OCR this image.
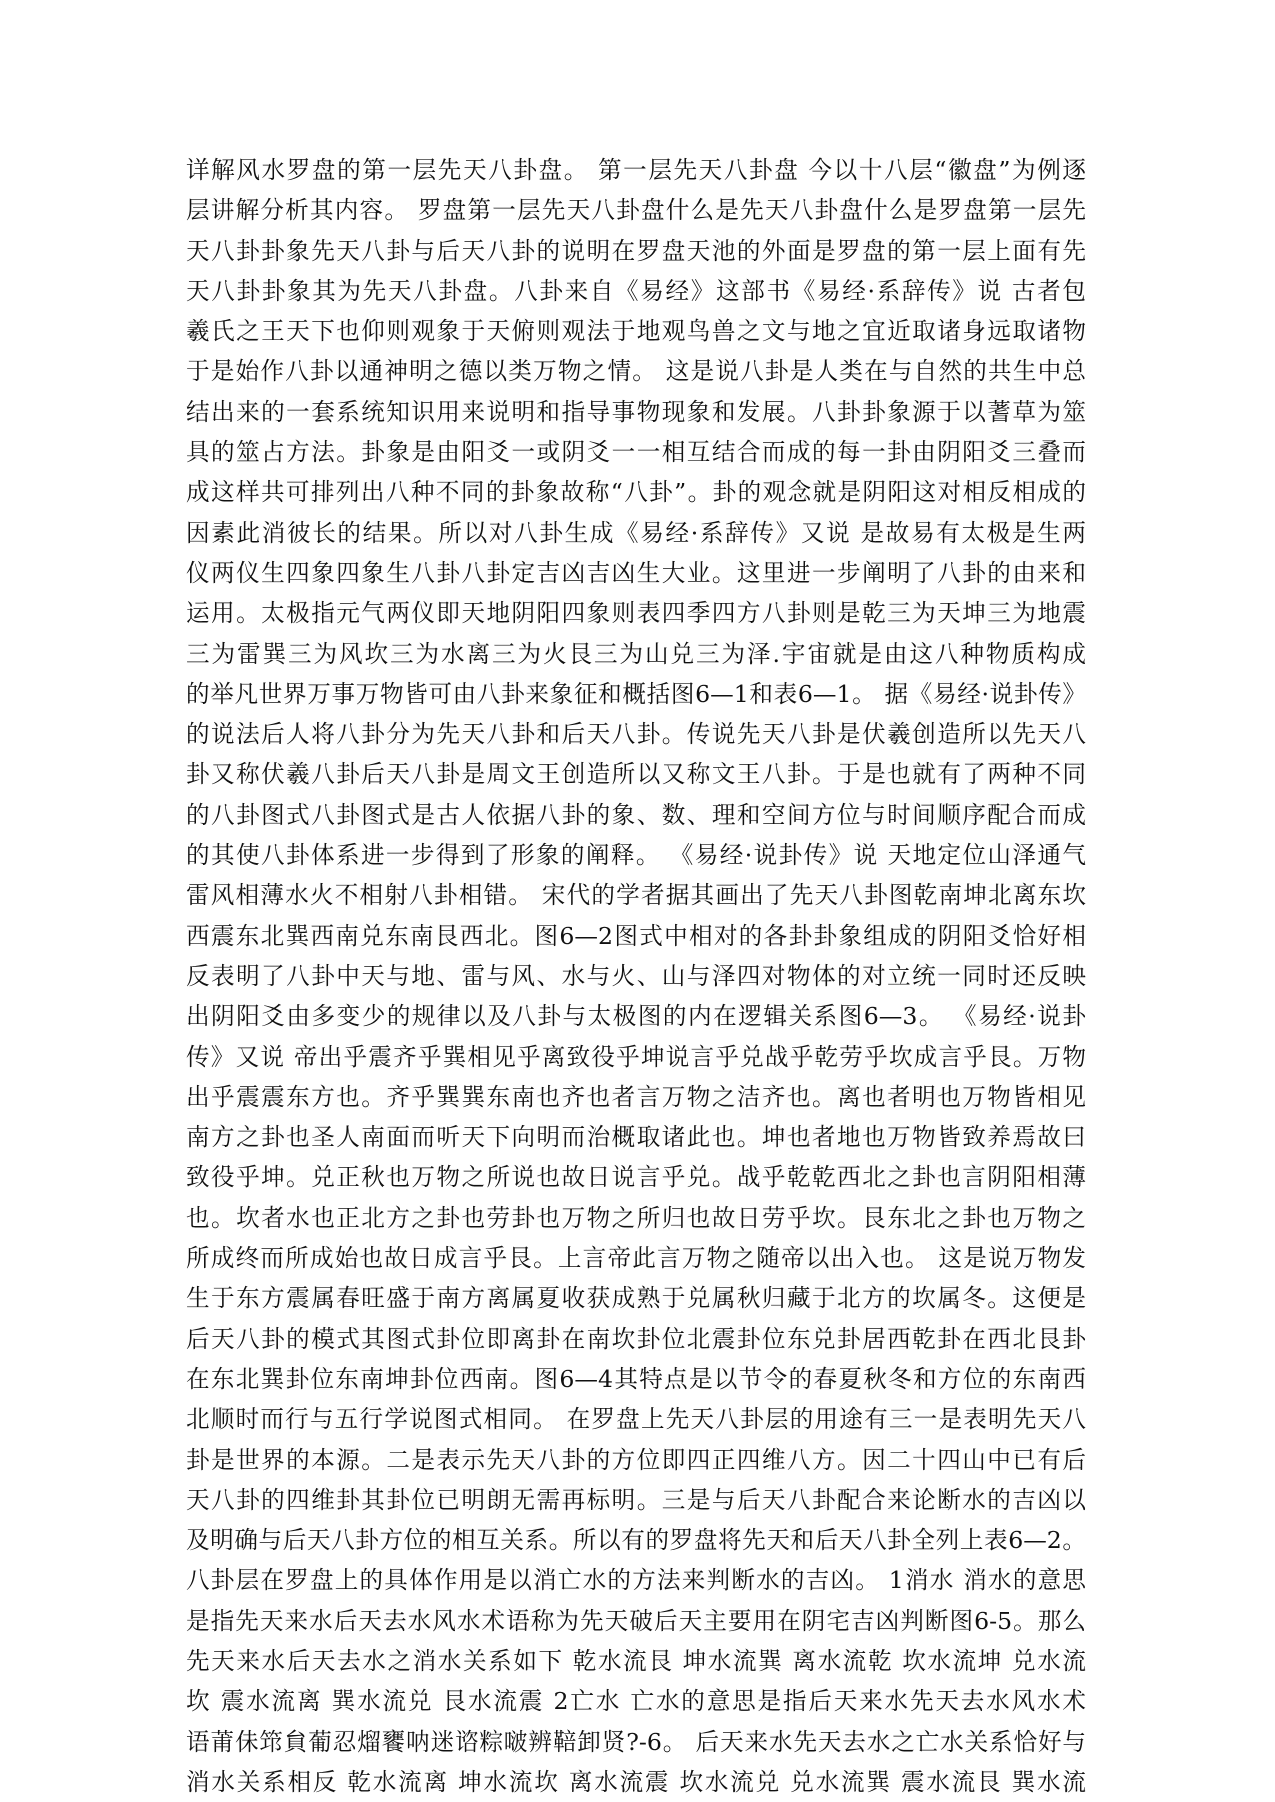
详解风水罗盘的第一层先天八卦盘。 第一层先天八卦盘 今以十八层“徽盘”为例逐
层讲解分析其内容。 罗盘第一层先天八卦盘什么是先天八卦盘什么是罗盘第一层先
天八卦卦象先天八卦与后天八卦的说明在罗盘天池的外面是罗盘的第一层上面有先
天八卦卦象其为先天八卦盘。八卦来自《易经》这部书《易经·系辞传》说 古者包
羲氏之王天下也仰则观象于天俯则观法于地观鸟兽之文与地之宜近取诸身远取诸物
于是始作八卦以通神明之德以类万物之情。 这是说八卦是人类在与自然的共生中总
结出来的一套系统知识用来说明和指导事物现象和发展。八卦卦象源于以蓍草为筮
具的筮占方法。卦象是由阳爻一或阴爻一一相互结合而成的每一卦由阴阳爻三叠而
成这样共可排列出八种不同的卦象故称“八卦”。卦的观念就是阴阳这对相反相成的
因素此消彼长的结果。所以对八卦生成《易经·系辞传》又说 是故易有太极是生两
仪两仪生四象四象生八卦八卦定吉凶吉凶生大业。这里进一步阐明了八卦的由来和
运用。太极指元气两仪即天地阴阳四象则表四季四方八卦则是乾三为天坤三为地震
三为雷巽三为风坎三为水离三为火艮三为山兑三为泽.宇宙就是由这八种物质构成
的举凡世界万事万物皆可由八卦来象征和概括图6—1和表6—1。 据《易经·说卦传》
的说法后人将八卦分为先天八卦和后天八卦。传说先天八卦是伏羲创造所以先天八
卦又称伏羲八卦后天八卦是周文王创造所以又称文王八卦。于是也就有了两种不同
的八卦图式八卦图式是古人依据八卦的象、数、理和空间方位与时间顺序配合而成
的其使八卦体系进一步得到了形象的阐释。 《易经·说卦传》说 天地定位山泽通气
雷风相薄水火不相射八卦相错。 宋代的学者据其画出了先天八卦图乾南坤北离东坎
西震东北巽西南兑东南艮西北。图6—2图式中相对的各卦卦象组成的阴阳爻恰好相
反表明了八卦中天与地、雷与风、水与火、山与泽四对物体的对立统一同时还反映
出阴阳爻由多变少的规律以及八卦与太极图的内在逻辑关系图6—3。 《易经·说卦
传》又说 帝出乎震齐乎巽相见乎离致役乎坤说言乎兑战乎乾劳乎坎成言乎艮。万物
出乎震震东方也。齐乎巽巽东南也齐也者言万物之洁齐也。离也者明也万物皆相见
南方之卦也圣人南面而听天下向明而治概取诸此也。坤也者地也万物皆致养焉故曰
致役乎坤。兑正秋也万物之所说也故日说言乎兑。战乎乾乾西北之卦也言阴阳相薄
也。坎者水也正北方之卦也劳卦也万物之所归也故日劳乎坎。艮东北之卦也万物之
所成终而所成始也故日成言乎艮。上言帝此言万物之随帝以出入也。 这是说万物发
生于东方震属春旺盛于南方离属夏收获成熟于兑属秋归藏于北方的坎属冬。这便是
后天八卦的模式其图式卦位即离卦在南坎卦位北震卦位东兑卦居西乾卦在西北艮卦
在东北巽卦位东南坤卦位西南。图6—4其特点是以节令的春夏秋冬和方位的东南西
北顺时而行与五行学说图式相同。 在罗盘上先天八卦层的用途有三一是表明先天八
卦是世界的本源。二是表示先天八卦的方位即四正四维八方。因二十四山中已有后
天八卦的四维卦其卦位已明朗无需再标明。三是与后天八卦配合来论断水的吉凶以
及明确与后天八卦方位的相互关系。所以有的罗盘将先天和后天八卦全列上表6—2。
八卦层在罗盘上的具体作用是以消亡水的方法来判断水的吉凶。 1消水 消水的意思
是指先天来水后天去水风水术语称为先天破后天主要用在阴宅吉凶判断图6-5。那么
先天来水后天去水之消水关系如下 乾水流艮 坤水流巽 离水流乾 坎水流坤 兑水流
坎 震水流离 巽水流兑 艮水流震 2亡水 亡水的意思是指后天来水先天去水风水术
语莆佅筇貟葡忍熘饔呐迷谘粽啵辨鞛卸贤?-6。 后天来水先天去水之亡水关系恰好与
消水关系相反 乾水流离 坤水流坎 离水流震 坎水流兑 兑水流巽 震水流艮 巽水流
